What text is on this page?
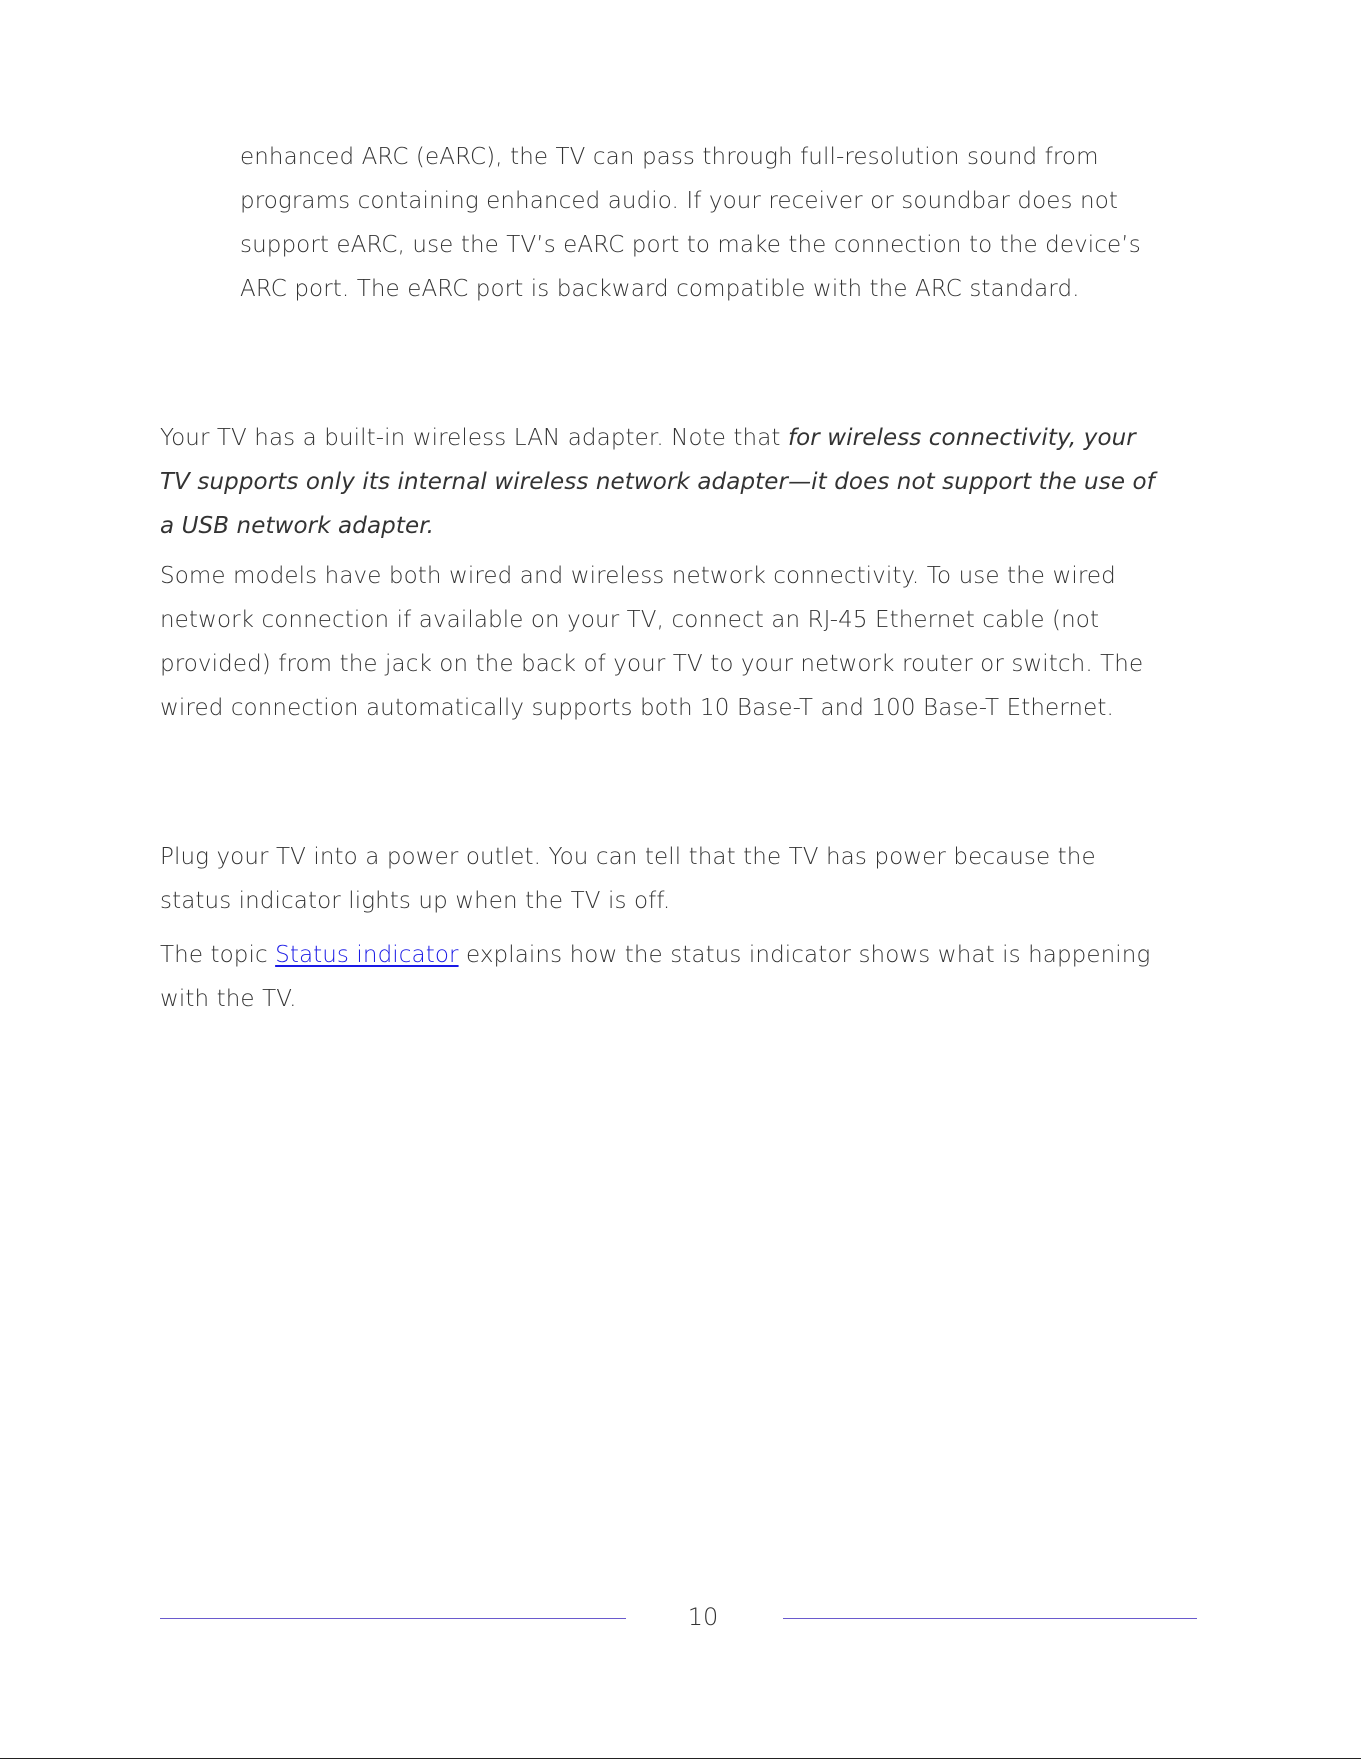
enhanced ARC (eARC), the TV can pass through full-resolution sound from
programs containing enhanced audio. If your receiver or soundbar does not
support eARC, use the TV’s eARC port to make the connection to the device’s
ARC port. The eARC port is backward compatible with the ARC standard.
Your TV has a built-in wireless LAN adapter. Note that for wireless connectivity, your
TV supports only its internal wireless network adapter—it does not support the use of
a USB network adapter.
Some models have both wired and wireless network connectivity. To use the wired
network connection if available on your TV, connect an RJ-45 Ethernet cable (not
provided) from the jack on the back of your TV to your network router or switch. The
wired connection automatically supports both 10 Base-T and 100 Base-T Ethernet.
Plug your TV into a power outlet. You can tell that the TV has power because the
status indicator lights up when the TV is off.
The topic Status indicator explains how the status indicator shows what is happening
with the TV.
10
